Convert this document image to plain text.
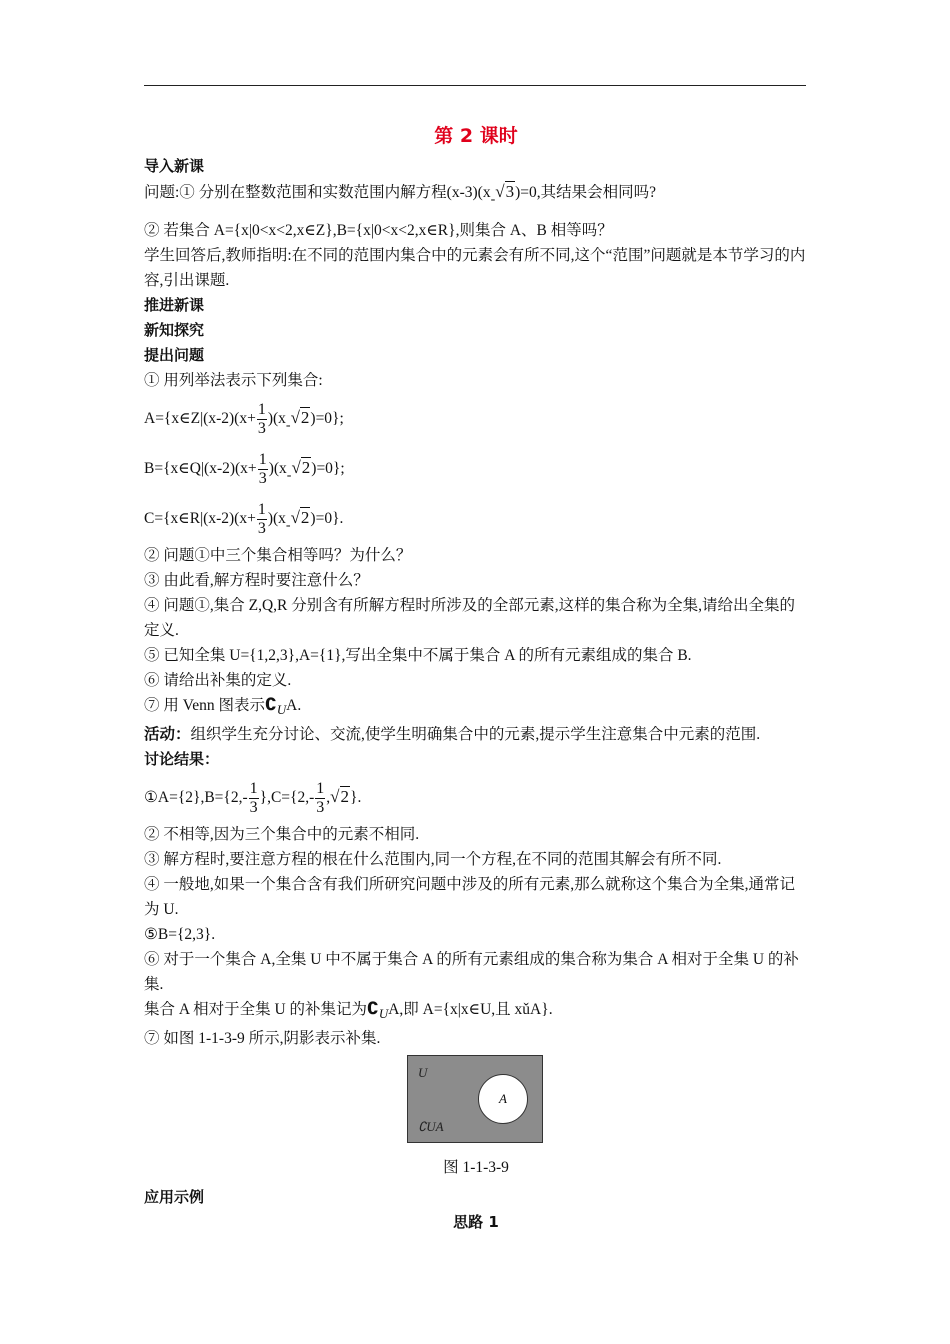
第 2 课时
导入新课
问题:① 分别在整数范围和实数范围内解方程(x-3)(x-√3)=0,其结果会相同吗?
② 若集合 A={x|0<x<2,x∈Z},B={x|0<x<2,x∈R},则集合 A、B 相等吗？
学生回答后,教师指明:在不同的范围内集合中的元素会有所不同,这个“范围”问题就是本节学习的内容,引出课题.
推进新课
新知探究
提出问题
① 用列举法表示下列集合:
A={x∈Z|(x-2)(x+ $\frac{1}{3} )(x-√2)=0$};
B={x∈Q|(x-2)(x+ $\frac{1}{3} )(x-√2)=0$};
C={x∈R|(x-2)(x+ $\frac{1}{3} )(x-√2)=0$}.
② 问题①中三个集合相等吗？为什么？
③ 由此看,解方程时要注意什么？
④ 问题①,集合 Z,Q,R 分别含有所解方程时所涉及的全部元素,这样的集合称为全集,请给出全集的定义.
⑤ 已知全集 U={1,2,3},A={1},写出全集中不属于集合 A 的所有元素组成的集合 B.
⑥ 请给出补集的定义.
⑦ 用 Venn 图表示$∁_UA$.
活动：组织学生充分讨论、交流,使学生明确集合中的元素,提示学生注意集合中元素的范围.
讨论结果：
①A={2},B={2,- $\frac{1}{3} \},C=\{2,- \frac{1}{3} ,√2\}$.
② 不相等,因为三个集合中的元素不相同.
③ 解方程时,要注意方程的根在什么范围内,同一个方程,在不同的范围其解会有所不同.
④ 一般地,如果一个集合含有我们所研究问题中涉及的所有元素,那么就称这个集合为全集,通常记为 U.
⑤B={2,3}.
⑥ 对于一个集合 A,全集 U 中不属于集合 A 的所有元素组成的集合称为集合 A 相对于全集 U 的补集.
集合 A 相对于全集 U 的补集记为$∁_UA$,即 A={x|x∈U,且 xǔA}.
⑦ 如图 1-1-3-9 所示,阴影表示补集.
U
A
∁UA
图 1-1-3-9
应用示例
思路 1
